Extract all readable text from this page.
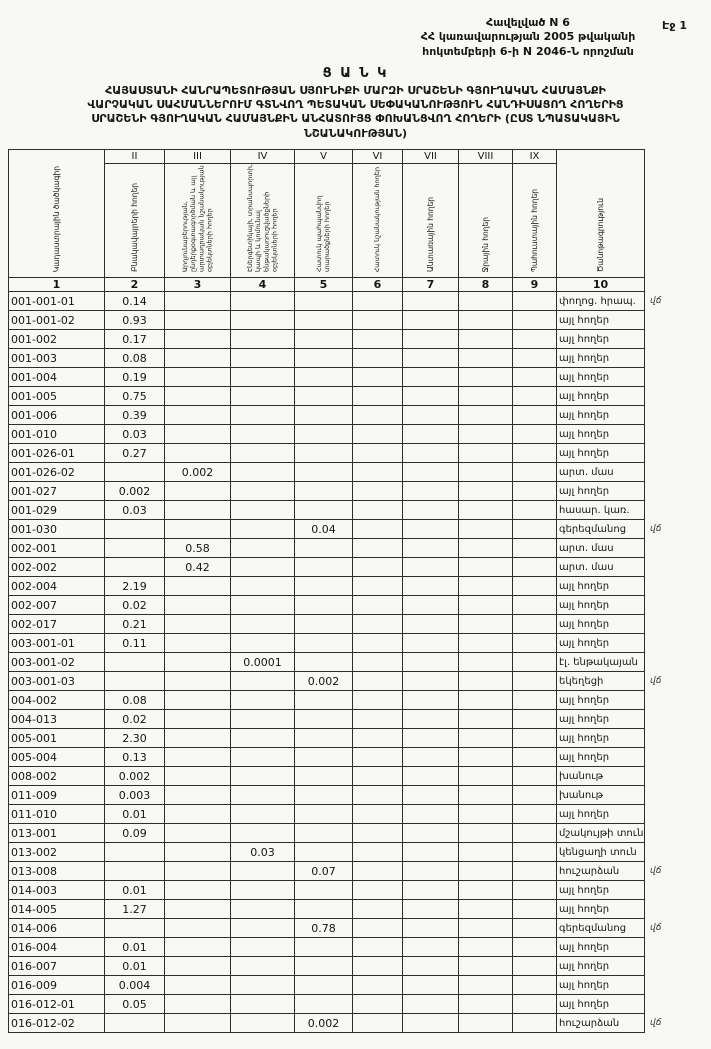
Էջ 1
Հավելված N 6
ՀՀ կառավարության 2005 թվականի
հոկտեմբերի 6-ի N 2046-Ն որոշման
Ց Ա Ն Կ
ՀԱՅԱՍՏԱՆԻ ՀԱՆՐԱՊԵՏՈՒԹՅԱՆ ՍՅՈՒՆԻՔԻ ՄԱՐԶԻ ՍՐԱՇԵՆԻ ԳՅՈՒՂԱԿԱՆ ՀԱՄԱՅՆՔԻ
ՎԱՐՉԱԿԱՆ ՍԱՀՄԱՆՆԵՐՈՒՄ ԳՏՆՎՈՂ ՊԵՏԱԿԱՆ ՍԵՓԱԿԱՆՈՒԹՅՈՒՆ ՀԱՆԴԻՍԱՑՈՂ ՀՈՂԵՐԻՑ
ՍՐԱՇԵՆԻ ԳՅՈՒՂԱԿԱՆ ՀԱՄԱՅՆՔԻՆ ԱՆՀԱՏՈՒՅՑ ՓՈԽԱՆՑՎՈՂ ՀՈՂԵՐԻ (ԸՍՏ ՆՊԱՏԱԿԱՅԻՆ
ՆՇԱՆԱԿՈՒԹՅԱՆ)
Կադաստրային ծածկագիր	II	III	IV	V	VI	VII	VIII	IX	Ծանոթագրություն	
	Բնակավայրերի հողեր	Արդյունաբերության, ընդերքօգտագործման և այլ արտադրական նշանակության օբյեկտների հողեր	Էներգետիկայի, տրանսպորտի, կապի և կոմունալ ենթակառուցվածքների օբյեկտների հողեր	Հատուկ պահպանվող տարածքների հողեր	Հատուկ նշանակության հողեր	Անտառային հողեր	Ջրային հողեր	Պահուստային հողեր		
1	2	3	4	5	6	7	8	9	10	
001-001-01	0.14								փողոց. հրապ.	վճ
001-001-02	0.93								այլ հողեր	
001-002	0.17								այլ հողեր	
001-003	0.08								այլ հողեր	
001-004	0.19								այլ հողեր	
001-005	0.75								այլ հողեր	
001-006	0.39								այլ հողեր	
001-010	0.03								այլ հողեր	
001-026-01	0.27								այլ հողեր	
001-026-02		0.002							արտ. մաս	
001-027	0.002								այլ հողեր	
001-029	0.03								հասար. կառ.	
001-030				0.04					գերեզմանոց	վճ
002-001		0.58							արտ. մաս	
002-002		0.42							արտ. մաս	
002-004	2.19								այլ հողեր	
002-007	0.02								այլ հողեր	
002-017	0.21								այլ հողեր	
003-001-01	0.11								այլ հողեր	
003-001-02			0.0001						էլ. ենթակայան	
003-001-03				0.002					եկեղեցի	վճ
004-002	0.08								այլ հողեր	
004-013	0.02								այլ հողեր	
005-001	2.30								այլ հողեր	
005-004	0.13								այլ հողեր	
008-002	0.002								խանութ	
011-009	0.003								խանութ	
011-010	0.01								այլ հողեր	
013-001	0.09								մշակույթի տուն	
013-002			0.03						կենցաղի տուն	
013-008				0.07					հուշարձան	վճ
014-003	0.01								այլ հողեր	
014-005	1.27								այլ հողեր	
014-006				0.78					գերեզմանոց	վճ
016-004	0.01								այլ հողեր	
016-007	0.01								այլ հողեր	
016-009	0.004								այլ հողեր	
016-012-01	0.05								այլ հողեր	
016-012-02				0.002					հուշարձան	վճ
